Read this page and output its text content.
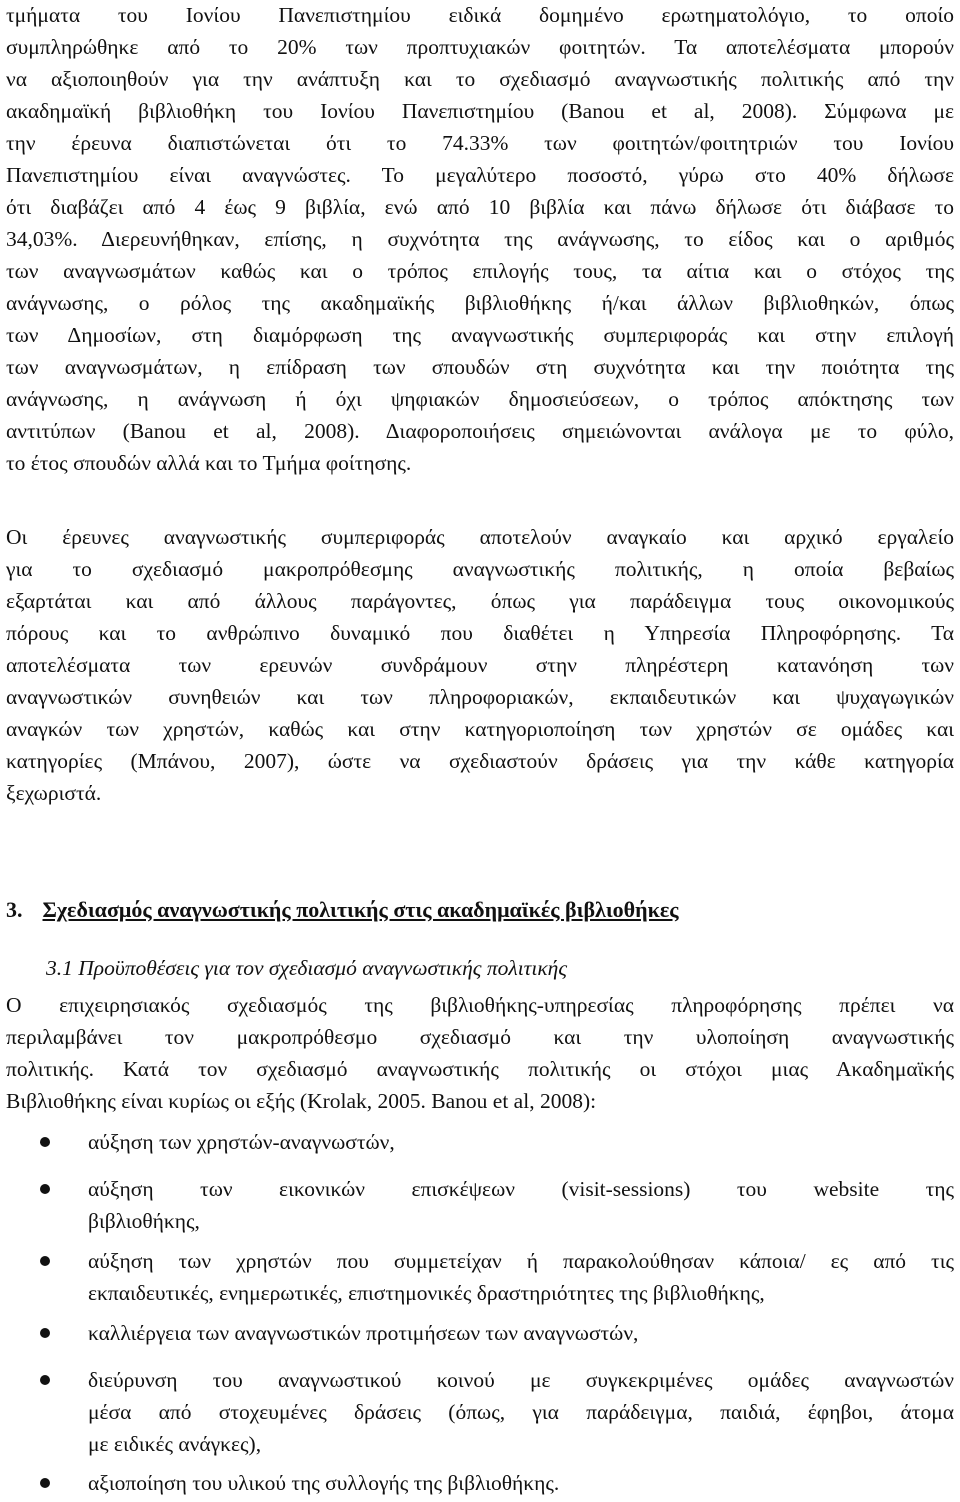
τμήματα του Ιονίου Πανεπιστημίου ειδικά δομημένο ερωτηματολόγιο, το οποίο
συμπληρώθηκε από το 20% των προπτυχιακών φοιτητών. Τα αποτελέσματα μπορούν
να αξιοποιηθούν για την ανάπτυξη και το σχεδιασμό αναγνωστικής πολιτικής από την
ακαδημαϊκή βιβλιοθήκη του Ιονίου Πανεπιστημίου (Banou et al, 2008). Σύμφωνα με
την έρευνα διαπιστώνεται ότι το 74.33% των φοιτητών/φοιτητριών του Ιονίου
Πανεπιστημίου είναι αναγνώστες. Το μεγαλύτερο ποσοστό, γύρω στο 40% δήλωσε
ότι διαβάζει από 4 έως 9 βιβλία, ενώ από 10 βιβλία και πάνω δήλωσε ότι διάβασε το
34,03%. Διερευνήθηκαν, επίσης, η συχνότητα της ανάγνωσης, το είδος και ο αριθμός
των αναγνωσμάτων καθώς και ο τρόπος επιλογής τους, τα αίτια και ο στόχος της
ανάγνωσης, ο ρόλος της ακαδημαϊκής βιβλιοθήκης ή/και άλλων βιβλιοθηκών, όπως
των Δημοσίων, στη διαμόρφωση της αναγνωστικής συμπεριφοράς και στην επιλογή
των αναγνωσμάτων, η επίδραση των σπουδών στη συχνότητα και την ποιότητα της
ανάγνωσης, η ανάγνωση ή όχι ψηφιακών δημοσιεύσεων, ο τρόπος απόκτησης των
αντιτύπων (Banou et al, 2008). Διαφοροποιήσεις σημειώνονται ανάλογα με το φύλο,
το έτος σπουδών αλλά και το Τμήμα φοίτησης.
Οι έρευνες αναγνωστικής συμπεριφοράς αποτελούν αναγκαίο και αρχικό εργαλείο
για το σχεδιασμό μακροπρόθεσμης αναγνωστικής πολιτικής, η οποία βεβαίως
εξαρτάται και από άλλους παράγοντες, όπως για παράδειγμα τους οικονομικούς
πόρους και το ανθρώπινο δυναμικό που διαθέτει η Υπηρεσία Πληροφόρησης. Τα
αποτελέσματα των ερευνών συνδράμουν στην πληρέστερη κατανόηση των
αναγνωστικών συνηθειών και των πληροφοριακών, εκπαιδευτικών και ψυχαγωγικών
αναγκών των χρηστών, καθώς και στην κατηγοριοποίηση των χρηστών σε ομάδες και
κατηγορίες (Μπάνου, 2007), ώστε να σχεδιαστούν δράσεις για την κάθε κατηγορία
ξεχωριστά.
3. Σχεδιασμός αναγνωστικής πολιτικής στις ακαδημαϊκές βιβλιοθήκες
3.1 Προϋποθέσεις για τον σχεδιασμό αναγνωστικής πολιτικής
Ο επιχειρησιακός σχεδιασμός της βιβλιοθήκης-υπηρεσίας πληροφόρησης πρέπει να
περιλαμβάνει τον μακροπρόθεσμο σχεδιασμό και την υλοποίηση αναγνωστικής
πολιτικής. Κατά τον σχεδιασμό αναγνωστικής πολιτικής οι στόχοι μιας Ακαδημαϊκής
Βιβλιοθήκης είναι κυρίως οι εξής (Krolak, 2005. Banou et al, 2008):
αύξηση των χρηστών-αναγνωστών,
αύξηση των εικονικών επισκέψεων (visit-sessions) του website της
βιβλιοθήκης,
αύξηση των χρηστών που συμμετείχαν ή παρακολούθησαν κάποια/ ες από τις
εκπαιδευτικές, ενημερωτικές, επιστημονικές δραστηριότητες της βιβλιοθήκης,
καλλιέργεια των αναγνωστικών προτιμήσεων των αναγνωστών,
διεύρυνση του αναγνωστικού κοινού με συγκεκριμένες ομάδες αναγνωστών
μέσα από στοχευμένες δράσεις (όπως, για παράδειγμα, παιδιά, έφηβοι, άτομα
με ειδικές ανάγκες),
αξιοποίηση του υλικού της συλλογής της βιβλιοθήκης.
